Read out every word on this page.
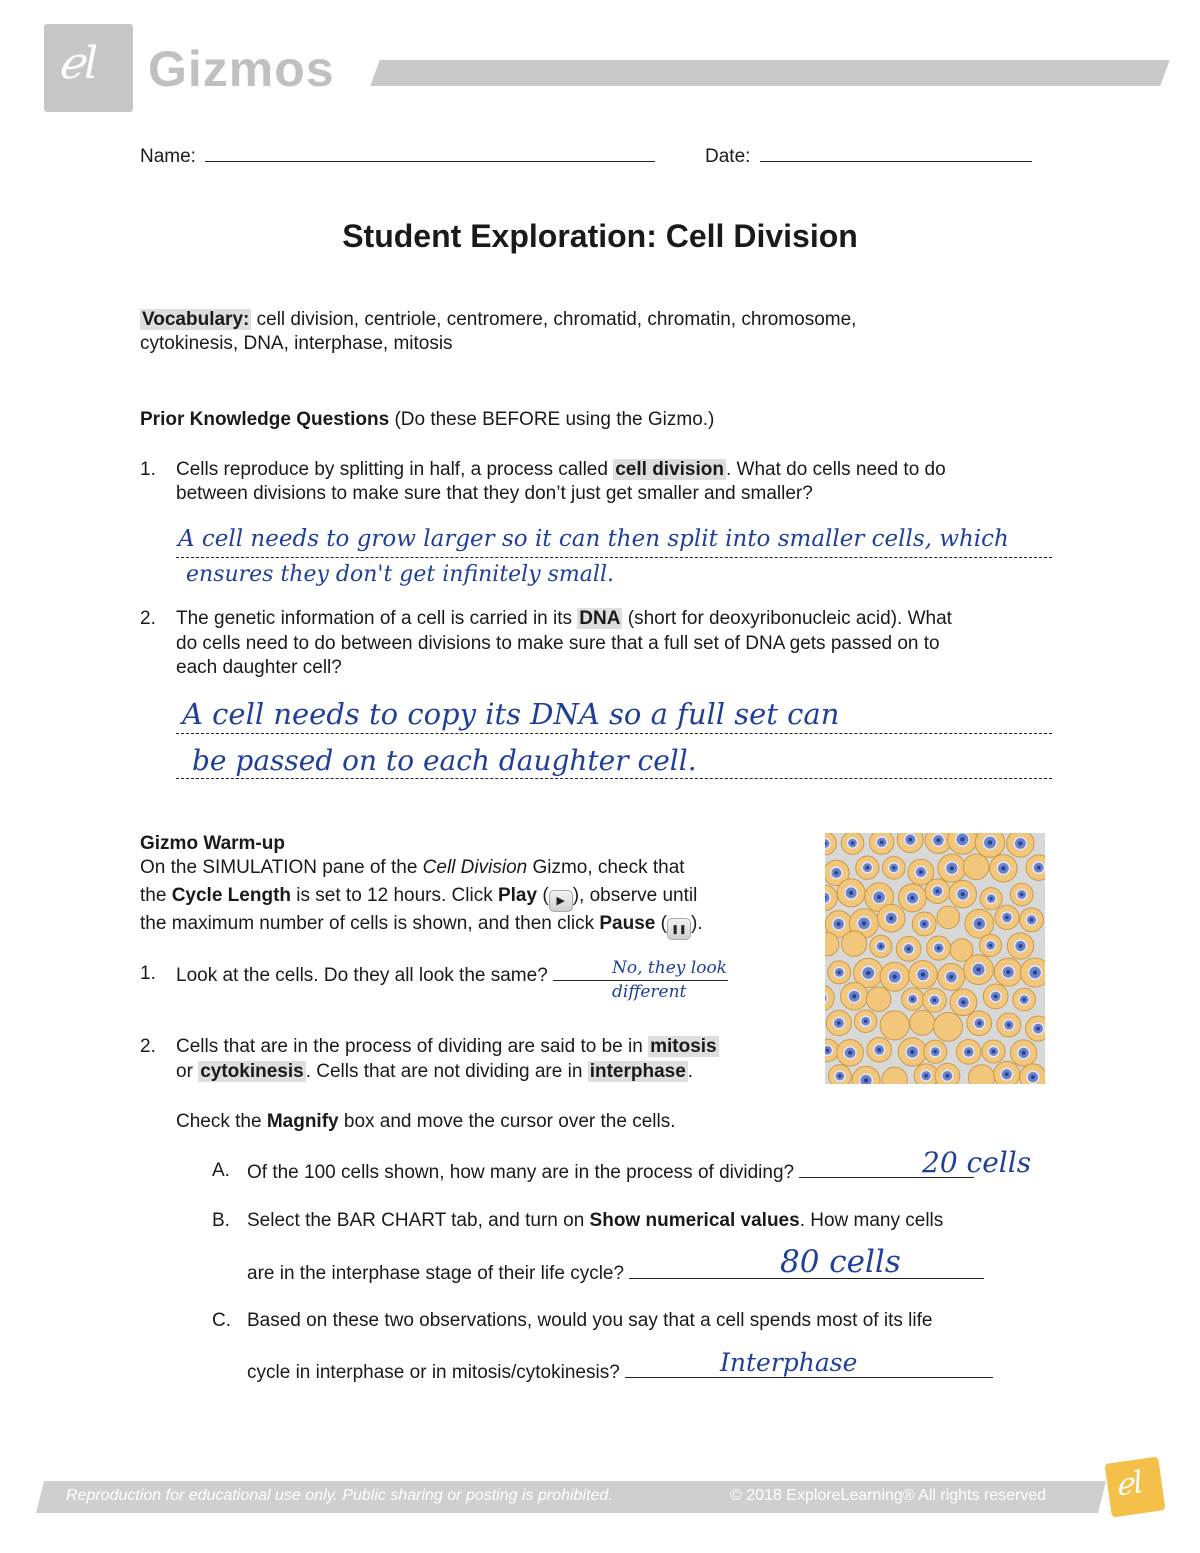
ℯl Gizmos
Name:	Date:
Student Exploration: Cell Division
Vocabulary: cell division, centriole, centromere, chromatid, chromatin, chromosome,
cytokinesis, DNA, interphase, mitosis
Prior Knowledge Questions (Do these BEFORE using the Gizmo.)
1. Cells reproduce by splitting in half, a process called cell division . What do cells need to do
between divisions to make sure that they don’t just get smaller and smaller?
A cell needs to grow larger so it can then split into smaller cells, which
ensures they don't get infinitely small.
2. The genetic information of a cell is carried in its DNA (short for deoxyribonucleic acid). What
do cells need to do between divisions to make sure that a full set of DNA gets passed on to
each daughter cell?
A cell needs to copy its DNA so a full set can
be passed on to each daughter cell.
Gizmo Warm-up
On the SIMULATION pane of the Cell Division Gizmo, check that
the Cycle Length is set to 12 hours. Click Play ( ▶ ), observe until
the maximum number of cells is shown, and then click Pause ( ❚❚ ).
1. Look at the cells. Do they all look the same?	No, they look different
2. Cells that are in the process of dividing are said to be in mitosis
or cytokinesis . Cells that are not dividing are in interphase .
Check the Magnify box and move the cursor over the cells.
A. Of the 100 cells shown, how many are in the process of dividing?	20 cells
B. Select the BAR CHART tab, and turn on Show numerical values. How many cells
are in the interphase stage of their life cycle?	80 cells
C. Based on these two observations, would you say that a cell spends most of its life
cycle in interphase or in mitosis/cytokinesis?	Interphase
Reproduction for educational use only. Public sharing or posting is prohibited.	© 2018 ExploreLearning® All rights reserved ℯl
